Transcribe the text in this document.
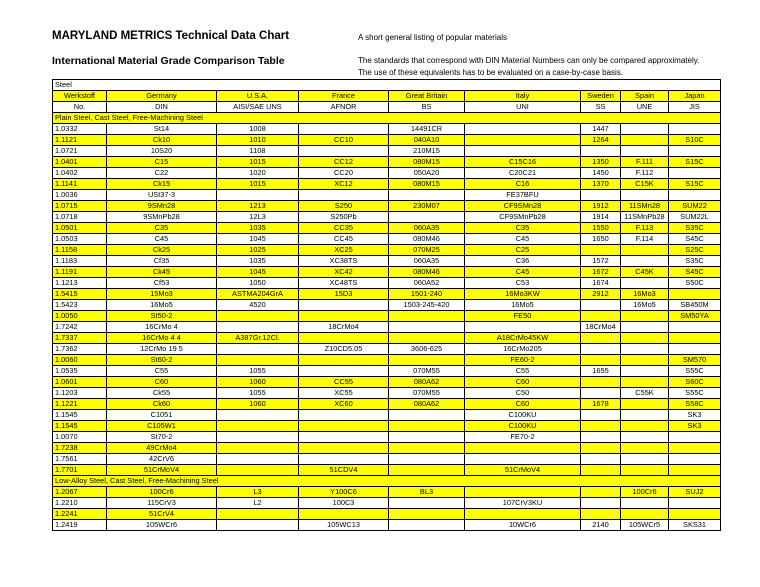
MARYLAND METRICS Technical Data Chart
International Material Grade Comparison Table
A short general listing of popular materials
The standards that correspond with DIN Material Numbers can only be compared approximately.
The use of these equivalents has to be evaluated on a case-by-case basis.
Steel								
Werkstoff	Germany	U.S.A.	France	Great Britain	Italy	Sweden	Spain	Japan
No.	DIN	AISI/SAE UNS	AFNOR	BS	UNI	SS	UNE	JIS
Plain Steel, Cast Steel, Free-Machining Steel								
1.0332	St14	1008		14491CR		1447		
1.1121	Ck10	1010	CC10	040A10		1264		S10C
1.0721	10S20	1108		210M15				
1.0401	C15	1015	CC12	080M15	C15C16	1350	F.111	S15C
1.0402	C22	1020	CC20	050A20	C20C21	1450	F.112	
1.1141	Ck15	1015	XC12	080M15	C16	1370	C15K	S15C
1.0036	USt37-3				FE37BFU			
1.0715	9SMn28	1213	S250	230M07	CF9SMn28	1912	11SMn28	SUM22
1.0718	9SMnPb28	12L3	S250Pb		CF9SMnPb28	1914	11SMnPb28	SUM22L
1.0501	C35	1035	CC35	060A35	C35	1550	F.113	S35C
1.0503	C45	1045	CC45	080M46	C45	1650	F.114	S45C
1.1158	Ck25	1025	XC25	070M25	C25			S25C
1.1183	Cf35	1035	XC38TS	060A35	C36	1572		S35C
1.1191	Ck45	1045	XC42	080M46	C45	1672	C45K	S45C
1.1213	Cf53	1050	XC48TS	060A52	C53	1674		S50C
1.5415	15Mo3	ASTMA204GrA	15D3	1501-240	16Mo3KW	2912	16Mo3	
1.5423	16Mo5	4520		1503-245-420	16Mo5		16Mo5	SB450M
1.0050	St50-2				FE50			SM50YA
1.7242	16CrMo 4		18CrMo4			18CrMo4		
1.7337	16CrMo 4 4	A387Gr.12Cl.			A18CrMo45KW			
1.7362	12CrMo 19 5		Z10CD5.05	3606-625	16CrMo205			
1.0060	St60-2				FE60-2			SM570
1.0535	C55	1055		070M55	C55	1655		S55C
1.0601	C60	1060	CC55	080A62	C60			S60C
1.1203	Ck55	1055	XC55	070M55	C50		C55K	S55C
1.1221	Ck60	1060	XC60	080A62	C60	1678		S58C
1.1545	C1051				C100KU			SK3
1.1545	C105W1				C100KU			SK3
1.0070	St70-2				FE70-2			
1.7238	49CrMo4							
1.7561	42CrV6							
1.7701	51CrMoV4		51CDV4		51CrMoV4			
Low-Alloy Steel, Cast Steel, Free-Machining Steel								
1.2067	100Cr6	L3	Y100C6	BL3			100Cr6	SUJ2
1.2210	115CrV3	L2	100C3		107CrV3KU			
1.2241	51CrV4							
1.2419	105WCr6		105WC13		10WCr6	2140	105WCr5	SKS31
